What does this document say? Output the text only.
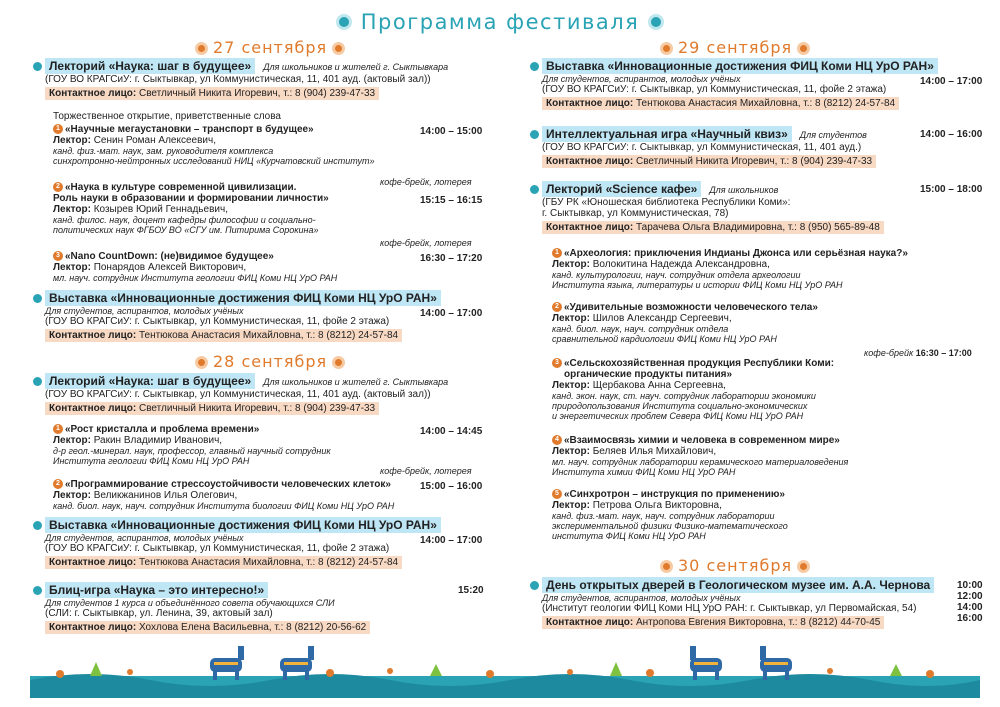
Программа фестиваля
27 сентября
Лекторий «Наука: шаг в будущее» Для школьников и жителей г. Сыктывкара
(ГОУ ВО КРАГСиУ: г. Сыктывкар, ул Коммунистическая, 11, 401 ауд. (актовый зал))
Контактное лицо: Светличный Никита Игоревич, т.: 8 (904) 239-47-33
Торжественное открытие, приветственные слова
1 «Научные мегаустановки – транспорт в будущее»
Лектор: Сенин Роман Алексеевич,
канд. физ.-мат. наук, зам. руководителя комплекса
синхротронно-нейтронных исследований НИЦ «Курчатовский институт»
14:00 – 15:00
кофе-брейк, лотерея
2 «Наука в культуре современной цивилизации.
Роль науки в образовании и формировании личности»
Лектор: Козырев Юрий Геннадьевич,
канд. филос. наук, доцент кафедры философии и социально-
политических наук ФГБОУ ВО «СГУ им. Питирима Сорокина»
15:15 – 16:15
кофе-брейк, лотерея
3 «Nano CountDown: (не)видимое будущее»
Лектор: Понарядов Алексей Викторович,
мл. науч. сотрудник Института геологии ФИЦ Коми НЦ УрО РАН
16:30 – 17:20
Выставка «Инновационные достижения ФИЦ Коми НЦ УрО РАН»
Для студентов, аспирантов, молодых учёных
(ГОУ ВО КРАГСиУ: г. Сыктывкар, ул Коммунистическая, 11, фойе 2 этажа)
Контактное лицо: Тентюкова Анастасия Михайловна, т.: 8 (8212) 24-57-84
14:00 – 17:00
28 сентября
Лекторий «Наука: шаг в будущее» Для школьников и жителей г. Сыктывкара
(ГОУ ВО КРАГСиУ: г. Сыктывкар, ул Коммунистическая, 11, 401 ауд. (актовый зал))
Контактное лицо: Светличный Никита Игоревич, т.: 8 (904) 239-47-33
1 «Рост кристалла и проблема времени»
Лектор: Ракин Владимир Иванович,
д-р геол.-минерал. наук, профессор, главный научный сотрудник
Института геологии ФИЦ Коми НЦ УрО РАН
14:00 – 14:45
кофе-брейк, лотерея
2 «Программирование стрессоустойчивости человеческих клеток»
Лектор: Великжанинов Илья Олегович,
канд. биол. наук, науч. сотрудник Института биологии ФИЦ Коми НЦ УрО РАН
15:00 – 16:00
Выставка «Инновационные достижения ФИЦ Коми НЦ УрО РАН»
Для студентов, аспирантов, молодых учёных
(ГОУ ВО КРАГСиУ: г. Сыктывкар, ул Коммунистическая, 11, фойе 2 этажа)
Контактное лицо: Тентюкова Анастасия Михайловна, т.: 8 (8212) 24-57-84
14:00 – 17:00
Блиц-игра «Наука – это интересно!»
Для студентов 1 курса и объединённого совета обучающихся СЛИ
(СЛИ: г. Сыктывкар, ул. Ленина, 39, актовый зал)
Контактное лицо: Хохлова Елена Васильевна, т.: 8 (8212) 20-56-62
15:20
29 сентября
Выставка «Инновационные достижения ФИЦ Коми НЦ УрО РАН»
Для студентов, аспирантов, молодых учёных
(ГОУ ВО КРАГСиУ: г. Сыктывкар, ул Коммунистическая, 11, фойе 2 этажа)
Контактное лицо: Тентюкова Анастасия Михайловна, т.: 8 (8212) 24-57-84
14:00 – 17:00
Интеллектуальная игра «Научный квиз» Для студентов
(ГОУ ВО КРАГСиУ: г. Сыктывкар, ул Коммунистическая, 11, 401 ауд.)
Контактное лицо: Светличный Никита Игоревич, т.: 8 (904) 239-47-33
14:00 – 16:00
Лекторий «Science кафе» Для школьников
(ГБУ РК «Юношеская библиотека Республики Коми»:
г. Сыктывкар, ул Коммунистическая, 78)
Контактное лицо: Тарачева Ольга Владимировна, т.: 8 (950) 565-89-48
15:00 – 18:00
1 «Археология: приключения Индианы Джонса или серьёзная наука?»
Лектор: Волокитина Надежда Александровна,
канд. культурологии, науч. сотрудник отдела археологии
Института языка, литературы и истории ФИЦ Коми НЦ УрО РАН
2 «Удивительные возможности человеческого тела»
Лектор: Шилов Александр Сергеевич,
канд. биол. наук, науч. сотрудник отдела
сравнительной кардиологии ФИЦ Коми НЦ УрО РАН
кофе-брейк 16:30 – 17:00
3 «Сельскохозяйственная продукция Республики Коми:
органические продукты питания»
Лектор: Щербакова Анна Сергеевна,
канд. экон. наук, ст. науч. сотрудник лаборатории экономики
природопользования Института социально-экономических
и энергетических проблем Севера ФИЦ Коми НЦ УрО РАН
4 «Взаимосвязь химии и человека в современном мире»
Лектор: Беляев Илья Михайлович,
мл. науч. сотрудник лаборатории керамического материаловедения
Института химии ФИЦ Коми НЦ УрО РАН
5 «Синхротрон – инструкция по применению»
Лектор: Петрова Ольга Викторовна,
канд. физ.-мат. наук, науч. сотрудник лаборатории
экспериментальной физики Физико-математического
института ФИЦ Коми НЦ УрО РАН
30 сентября
День открытых дверей в Геологическом музее им. А.А. Чернова
Для студентов, аспирантов, молодых учёных
(Институт геологии ФИЦ Коми НЦ УрО РАН: г. Сыктывкар, ул Первомайская, 54)
Контактное лицо: Антропова Евгения Викторовна, т.: 8 (8212) 44-70-45
10:00
12:00
14:00
16:00
